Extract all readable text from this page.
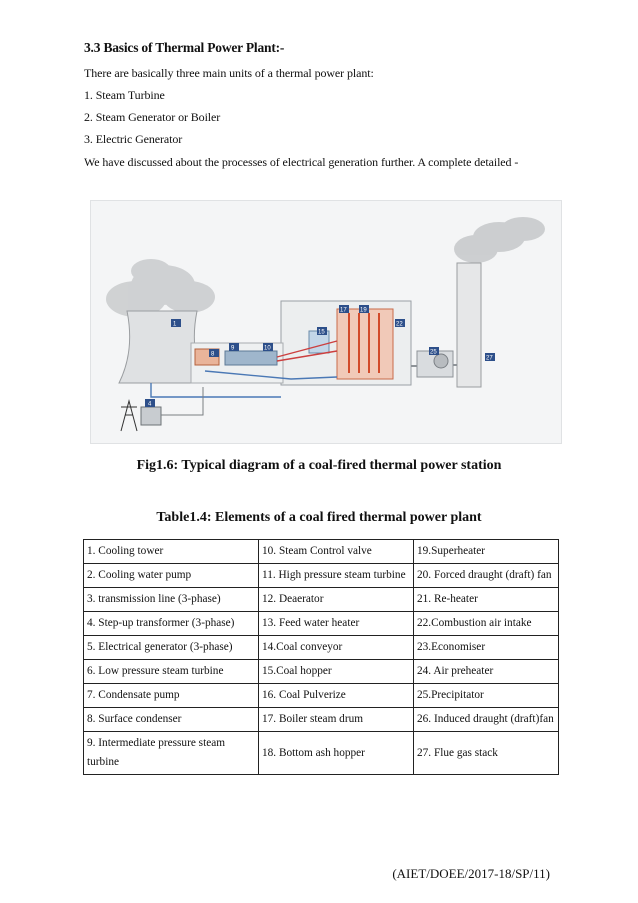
3.3 Basics of Thermal Power Plant:-
There are basically three main units of a thermal power plant:
1. Steam Turbine
2. Steam Generator or Boiler
3. Electric Generator
We have discussed about the processes of electrical generation further. A complete detailed -
1
8
9	10
15
17 19
22
25
27
4
Fig1.6: Typical diagram of a coal-fired thermal power station
Table1.4: Elements of a coal fired thermal power plant
1. Cooling tower	10. Steam Control valve	19.Superheater
2. Cooling water pump	11. High pressure steam turbine	20. Forced draught (draft) fan
3. transmission line (3-phase)	12. Deaerator	21. Re-heater
4. Step-up transformer (3-phase)	13. Feed water heater	22.Combustion air intake
5. Electrical generator (3-phase)	14.Coal conveyor	23.Economiser
6. Low pressure steam turbine	15.Coal hopper	24. Air preheater
7. Condensate pump	16. Coal Pulverize	25.Precipitator
8. Surface condenser	17. Boiler steam drum	26. Induced draught (draft)fan
9. Intermediate pressure steam turbine	18. Bottom ash hopper	27. Flue gas stack
(AIET/DOEE/2017-18/SP/11)
